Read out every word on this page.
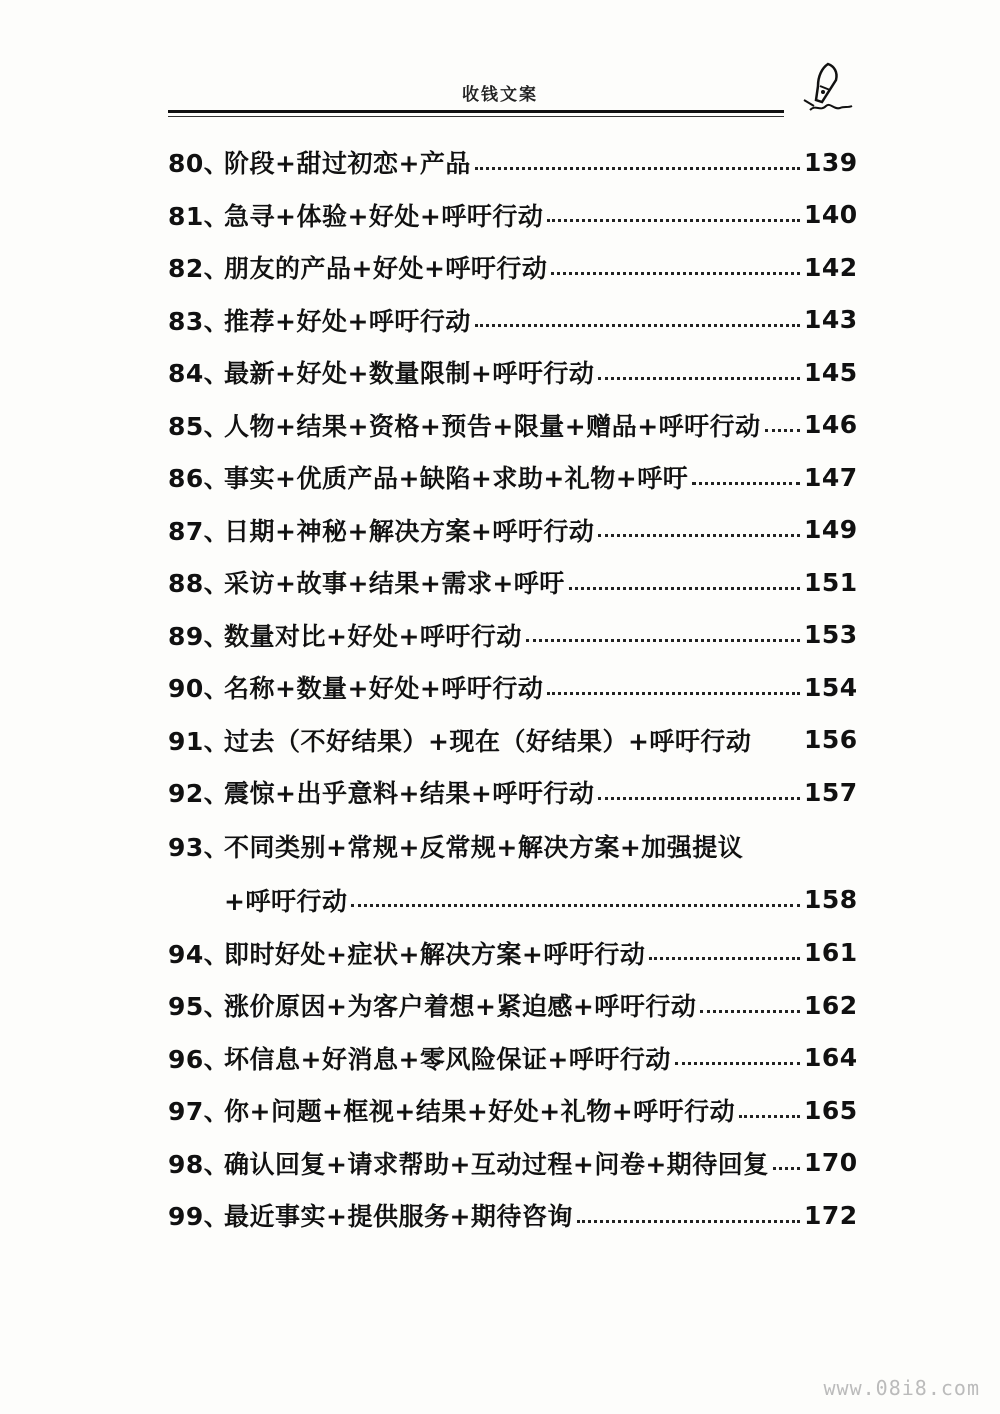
收钱文案
80、
阶段+甜过初恋+产品	139
81、
急寻+体验+好处+呼吁行动	140
82、
朋友的产品+好处+呼吁行动	142
83、
推荐+好处+呼吁行动	143
84、
最新+好处+数量限制+呼吁行动	145
85、
人物+结果+资格+预告+限量+赠品+呼吁行动 146
86、
事实+优质产品+缺陷+求助+礼物+呼吁	147
87、
日期+神秘+解决方案+呼吁行动	149
88、
采访+故事+结果+需求+呼吁	151
89、
数量对比+好处+呼吁行动	153
90、
名称+数量+好处+呼吁行动	154
91、
过去（不好结果）+现在（好结果）+呼吁行动 156
92、
震惊+出乎意料+结果+呼吁行动	157
93、
不同类别+常规+反常规+解决方案+加强提议
+呼吁行动	158
94、
即时好处+症状+解决方案+呼吁行动	161
95、
涨价原因+为客户着想+紧迫感+呼吁行动	162
96、
坏信息+好消息+零风险保证+呼吁行动	164
97、
你+问题+框视+结果+好处+礼物+呼吁行动	165
98、
确认回复+请求帮助+互动过程+问卷+期待回复 170
99、
最近事实+提供服务+期待咨询	172
www.08i8.com
